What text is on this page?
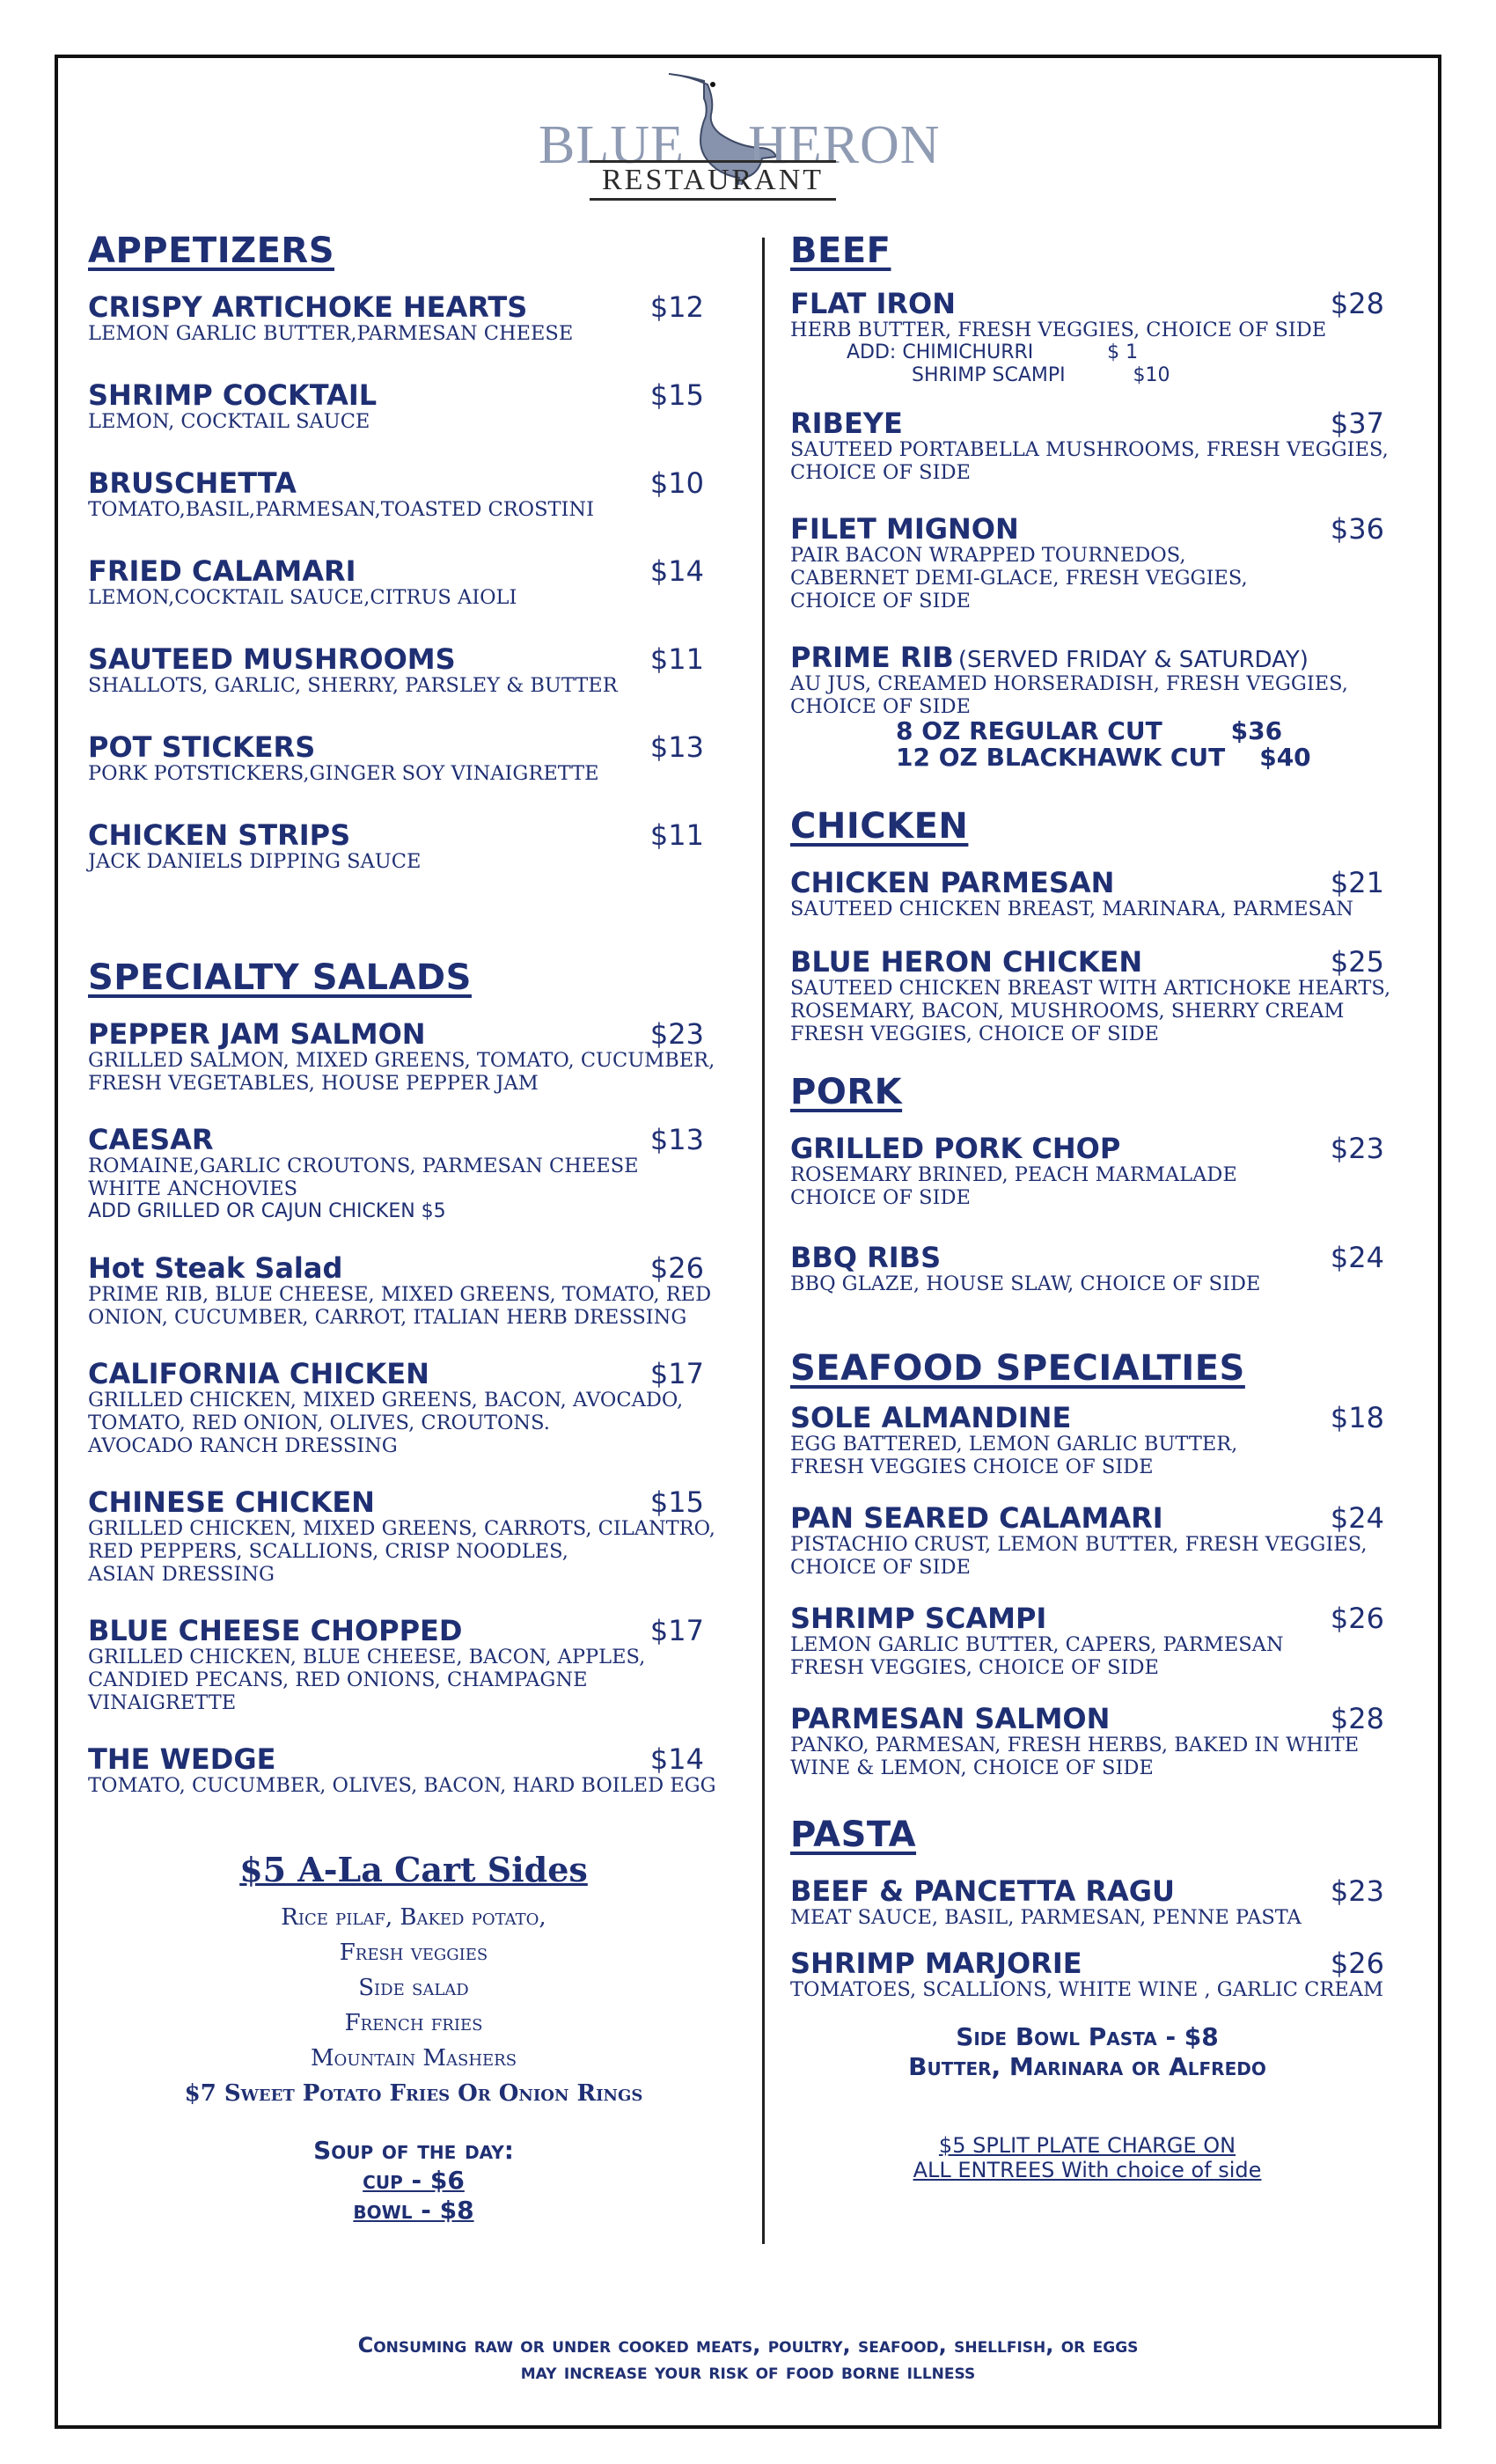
BLUE HERON
RESTAURANT
APPETIZERS
CRISPY ARTICHOKE HEARTS	$12
LEMON GARLIC BUTTER,PARMESAN CHEESE
SHRIMP COCKTAIL	$15
LEMON, COCKTAIL SAUCE
BRUSCHETTA	$10
TOMATO,BASIL,PARMESAN,TOASTED CROSTINI
FRIED CALAMARI	$14
LEMON,COCKTAIL SAUCE,CITRUS AIOLI
SAUTEED MUSHROOMS	$11
SHALLOTS, GARLIC, SHERRY, PARSLEY & BUTTER
POT STICKERS	$13
PORK POTSTICKERS,GINGER SOY VINAIGRETTE
CHICKEN STRIPS	$11
JACK DANIELS DIPPING SAUCE
SPECIALTY SALADS
PEPPER JAM SALMON	$23
GRILLED SALMON, MIXED GREENS, TOMATO, CUCUMBER,
FRESH VEGETABLES, HOUSE PEPPER JAM
CAESAR	$13
ROMAINE,GARLIC CROUTONS, PARMESAN CHEESE
WHITE ANCHOVIES
ADD GRILLED OR CAJUN CHICKEN $5
Hot Steak Salad	$26
PRIME RIB, BLUE CHEESE, MIXED GREENS, TOMATO, RED
ONION, CUCUMBER, CARROT, ITALIAN HERB DRESSING
CALIFORNIA CHICKEN	$17
GRILLED CHICKEN, MIXED GREENS, BACON, AVOCADO,
TOMATO, RED ONION, OLIVES, CROUTONS.
AVOCADO RANCH DRESSING
CHINESE CHICKEN	$15
GRILLED CHICKEN, MIXED GREENS, CARROTS, CILANTRO,
RED PEPPERS, SCALLIONS, CRISP NOODLES,
ASIAN DRESSING
BLUE CHEESE CHOPPED	$17
GRILLED CHICKEN, BLUE CHEESE, BACON, APPLES,
CANDIED PECANS, RED ONIONS, CHAMPAGNE VINAIGRETTE
THE WEDGE	$14
TOMATO, CUCUMBER, OLIVES, BACON, HARD BOILED EGG
$5 A-La Cart Sides
Rice pilaf, Baked potato,
Fresh veggies
Side salad
French fries
Mountain Mashers
$7 Sweet Potato Fries Or Onion Rings
Soup of the day:
cup - $6
bowl - $8
BEEF
FLAT IRON	$28
HERB BUTTER, FRESH VEGGIES, CHOICE OF SIDE
ADD: CHIMICHURRI            $ 1
SHRIMP SCAMPI           $10
RIBEYE	$37
SAUTEED PORTABELLA MUSHROOMS, FRESH VEGGIES,
CHOICE OF SIDE
FILET MIGNON	$36
PAIR BACON WRAPPED TOURNEDOS,
CABERNET DEMI-GLACE, FRESH VEGGIES,
CHOICE OF SIDE
PRIME RIB (SERVED FRIDAY & SATURDAY)
AU JUS, CREAMED HORSERADISH, FRESH VEGGIES,
CHOICE OF SIDE
8 OZ REGULAR CUT        $36
12 OZ BLACKHAWK CUT    $40
CHICKEN
CHICKEN PARMESAN	$21
SAUTEED CHICKEN BREAST, MARINARA, PARMESAN
BLUE HERON CHICKEN	$25
SAUTEED CHICKEN BREAST WITH ARTICHOKE HEARTS,
ROSEMARY, BACON, MUSHROOMS, SHERRY CREAM
FRESH VEGGIES, CHOICE OF SIDE
PORK
GRILLED PORK CHOP	$23
ROSEMARY BRINED, PEACH MARMALADE
CHOICE OF SIDE
BBQ RIBS	$24
BBQ GLAZE, HOUSE SLAW, CHOICE OF SIDE
SEAFOOD SPECIALTIES
SOLE ALMANDINE	$18
EGG BATTERED, LEMON GARLIC BUTTER,
FRESH VEGGIES CHOICE OF SIDE
PAN SEARED CALAMARI	$24
PISTACHIO CRUST, LEMON BUTTER, FRESH VEGGIES,
CHOICE OF SIDE
SHRIMP SCAMPI	$26
LEMON GARLIC BUTTER, CAPERS, PARMESAN
FRESH VEGGIES, CHOICE OF SIDE
PARMESAN SALMON	$28
PANKO, PARMESAN, FRESH HERBS, BAKED IN WHITE
WINE & LEMON, CHOICE OF SIDE
PASTA
BEEF & PANCETTA RAGU	$23
MEAT SAUCE, BASIL, PARMESAN, PENNE PASTA
SHRIMP MARJORIE	$26
TOMATOES, SCALLIONS, WHITE WINE , GARLIC CREAM
Side Bowl Pasta - $8
Butter, Marinara or Alfredo
$5 SPLIT PLATE CHARGE ON
ALL ENTREES With choice of side
Consuming raw or under cooked meats, poultry, seafood, shellfish, or eggs
may increase your risk of food borne illness
